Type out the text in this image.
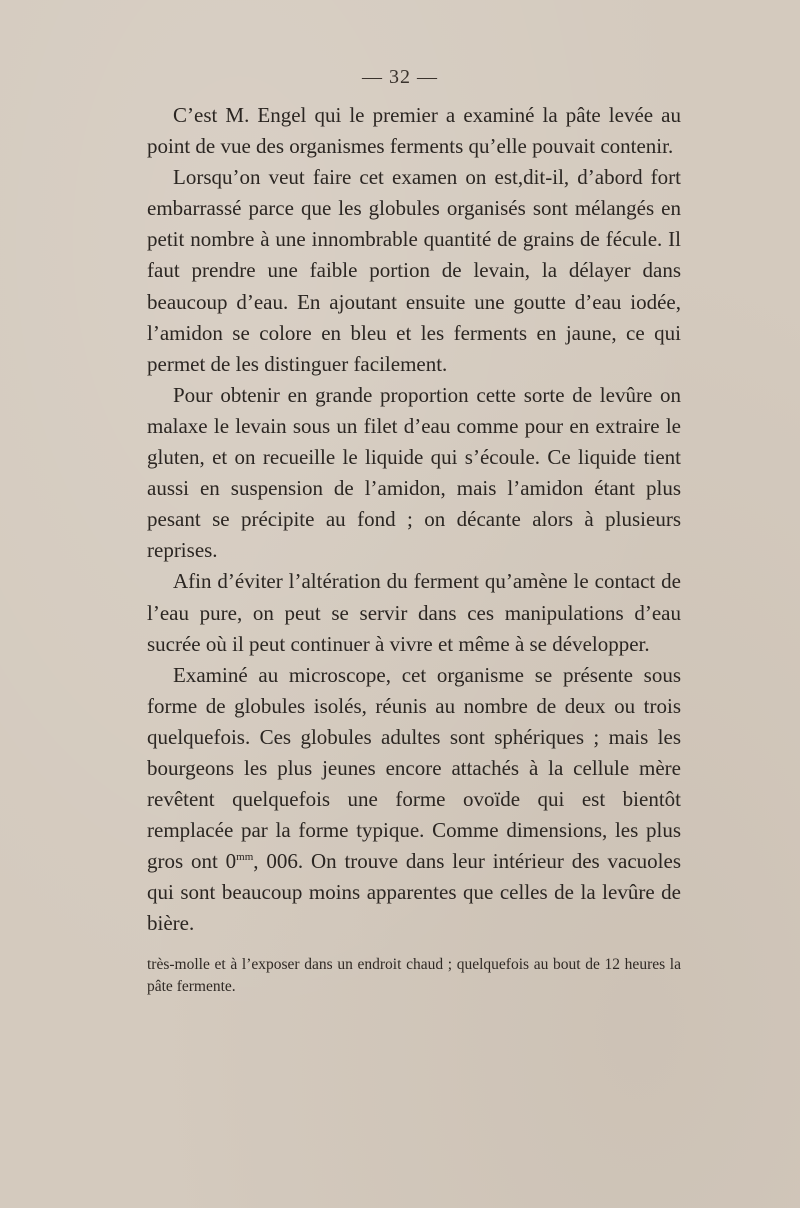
— 32 —

C’est M. Engel qui le premier a examiné la pâte levée au point de vue des organismes ferments qu’elle pouvait contenir.

Lorsqu’on veut faire cet examen on est,dit-il, d’abord fort embarrassé parce que les globules organisés sont mélangés en petit nombre à une innombrable quantité de grains de fécule. Il faut prendre une faible portion de levain, la délayer dans beaucoup d’eau. En ajoutant ensuite une goutte d’eau iodée, l’amidon se colore en bleu et les ferments en jaune, ce qui permet de les distinguer facilement.

Pour obtenir en grande proportion cette sorte de levûre on malaxe le levain sous un filet d’eau comme pour en extraire le gluten, et on recueille le liquide qui s’écoule. Ce liquide tient aussi en suspension de l’amidon, mais l’amidon étant plus pesant se précipite au fond ; on décante alors à plusieurs reprises.

Afin d’éviter l’altération du ferment qu’amène le contact de l’eau pure, on peut se servir dans ces manipulations d’eau sucrée où il peut continuer à vivre et même à se développer.

Examiné au microscope, cet organisme se présente sous forme de globules isolés, réunis au nombre de deux ou trois quelquefois. Ces globules adultes sont sphériques ; mais les bourgeons les plus jeunes encore attachés à la cellule mère revêtent quelquefois une forme ovoïde qui est bientôt remplacée par la forme typique. Comme dimensions, les plus gros ont $0^{mm}$, 006. On trouve dans leur intérieur des vacuoles qui sont beaucoup moins apparentes que celles de la levûre de bière.

très-molle et à l’exposer dans un endroit chaud ; quelquefois au bout de 12 heures la pâte fermente.
